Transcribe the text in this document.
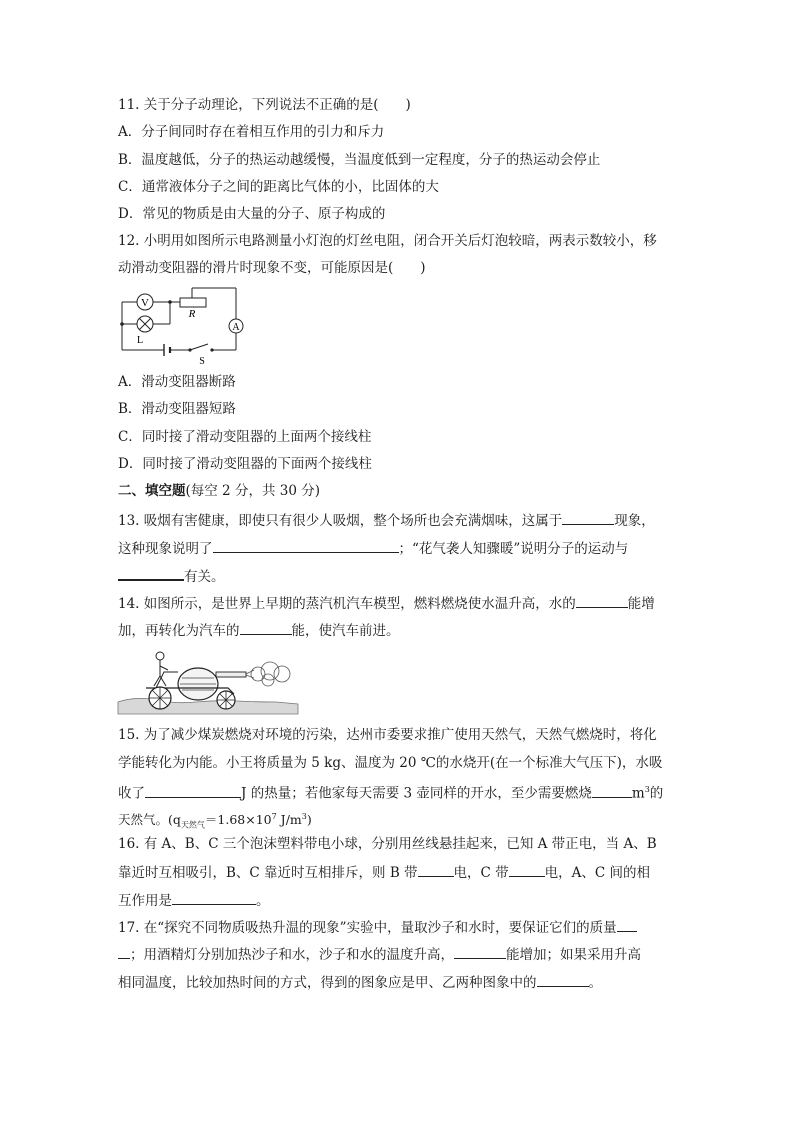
11. 关于分子动理论，下列说法不正确的是(　　)
A．分子间同时存在着相互作用的引力和斥力
B．温度越低，分子的热运动越缓慢，当温度低到一定程度，分子的热运动会停止
C．通常液体分子之间的距离比气体的小，比固体的大
D．常见的物质是由大量的分子、原子构成的
12. 小明用如图所示电路测量小灯泡的灯丝电阻，闭合开关后灯泡较暗，两表示数较小，移
动滑动变阻器的滑片时现象不变，可能原因是(　　)
V
A
R
L
S
A．滑动变阻器断路
B．滑动变阻器短路
C．同时接了滑动变阻器的上面两个接线柱
D．同时接了滑动变阻器的下面两个接线柱
二、填空题(每空 2 分，共 30 分)
13. 吸烟有害健康，即使只有很少人吸烟，整个场所也会充满烟味，这属于	现象，
这种现象说明了	；“花气袭人知骤暖”说明分子的运动与
有关。
14. 如图所示，是世界上早期的蒸汽机汽车模型，燃料燃烧使水温升高，水的	能增
加，再转化为汽车的	能，使汽车前进。
15. 为了减少煤炭燃烧对环境的污染，达州市委要求推广使用天然气，天然气燃烧时，将化
学能转化为内能。小王将质量为 5 kg、温度为 20 ℃的水烧开(在一个标准大气压下)，水吸
收了	J 的热量；若他家每天需要 3 壶同样的开水，至少需要燃烧	$m^3$的
天然气。($q_{天然气}=1.68\times 10^7$ $J/m^3$)
16. 有 A、B、C 三个泡沫塑料带电小球，分别用丝线悬挂起来，已知 A 带正电，当 A、B
靠近时互相吸引，B、C 靠近时互相排斥，则 B 带	电，C 带	电，A、C 间的相
互作用是	。
17. 在“探究不同物质吸热升温的现象”实验中，量取沙子和水时，要保证它们的质量
；用酒精灯分别加热沙子和水，沙子和水的温度升高，	能增加；如果采用升高
相同温度，比较加热时间的方式，得到的图象应是甲、乙两种图象中的	。
